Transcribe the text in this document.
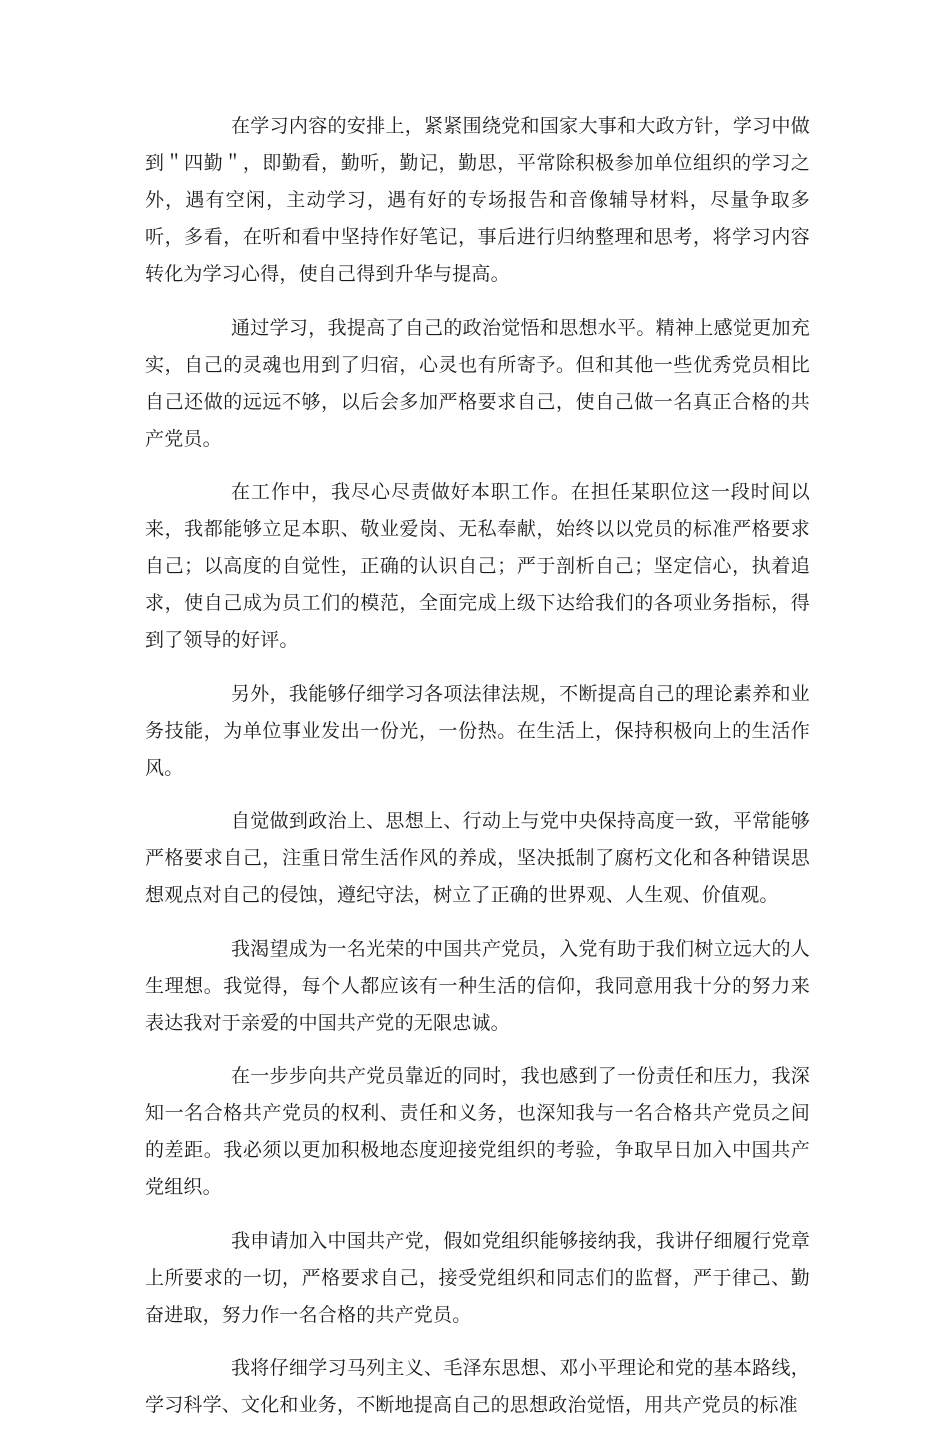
在学习内容的安排上，紧紧围绕党和国家大事和大政方针，学习中做到＂四勤＂，即勤看，勤听，勤记，勤思，平常除积极参加单位组织的学习之外，遇有空闲，主动学习，遇有好的专场报告和音像辅导材料，尽量争取多听，多看，在听和看中坚持作好笔记，事后进行归纳整理和思考，将学习内容转化为学习心得，使自己得到升华与提高。

通过学习，我提高了自己的政治觉悟和思想水平。精神上感觉更加充实，自己的灵魂也用到了归宿，心灵也有所寄予。但和其他一些优秀党员相比自己还做的远远不够，以后会多加严格要求自己，使自己做一名真正合格的共产党员。

在工作中，我尽心尽责做好本职工作。在担任某职位这一段时间以来，我都能够立足本职、敬业爱岗、无私奉献，始终以以党员的标准严格要求自己；以高度的自觉性，正确的认识自己；严于剖析自己；坚定信心，执着追求，使自己成为员工们的模范，全面完成上级下达给我们的各项业务指标，得到了领导的好评。

另外，我能够仔细学习各项法律法规，不断提高自己的理论素养和业务技能，为单位事业发出一份光，一份热。在生活上，保持积极向上的生活作风。

自觉做到政治上、思想上、行动上与党中央保持高度一致，平常能够严格要求自己，注重日常生活作风的养成，坚决抵制了腐朽文化和各种错误思想观点对自己的侵蚀，遵纪守法，树立了正确的世界观、人生观、价值观。

我渴望成为一名光荣的中国共产党员，入党有助于我们树立远大的人生理想。我觉得，每个人都应该有一种生活的信仰，我同意用我十分的努力来表达我对于亲爱的中国共产党的无限忠诚。

在一步步向共产党员靠近的同时，我也感到了一份责任和压力，我深知一名合格共产党员的权利、责任和义务，也深知我与一名合格共产党员之间的差距。我必须以更加积极地态度迎接党组织的考验，争取早日加入中国共产党组织。

我申请加入中国共产党，假如党组织能够接纳我，我讲仔细履行党章上所要求的一切，严格要求自己，接受党组织和同志们的监督，严于律己、勤奋进取，努力作一名合格的共产党员。

我将仔细学习马列主义、毛泽东思想、邓小平理论和党的基本路线，学习科学、文化和业务，不断地提高自己的思想政治觉悟，用共产党员的标准
